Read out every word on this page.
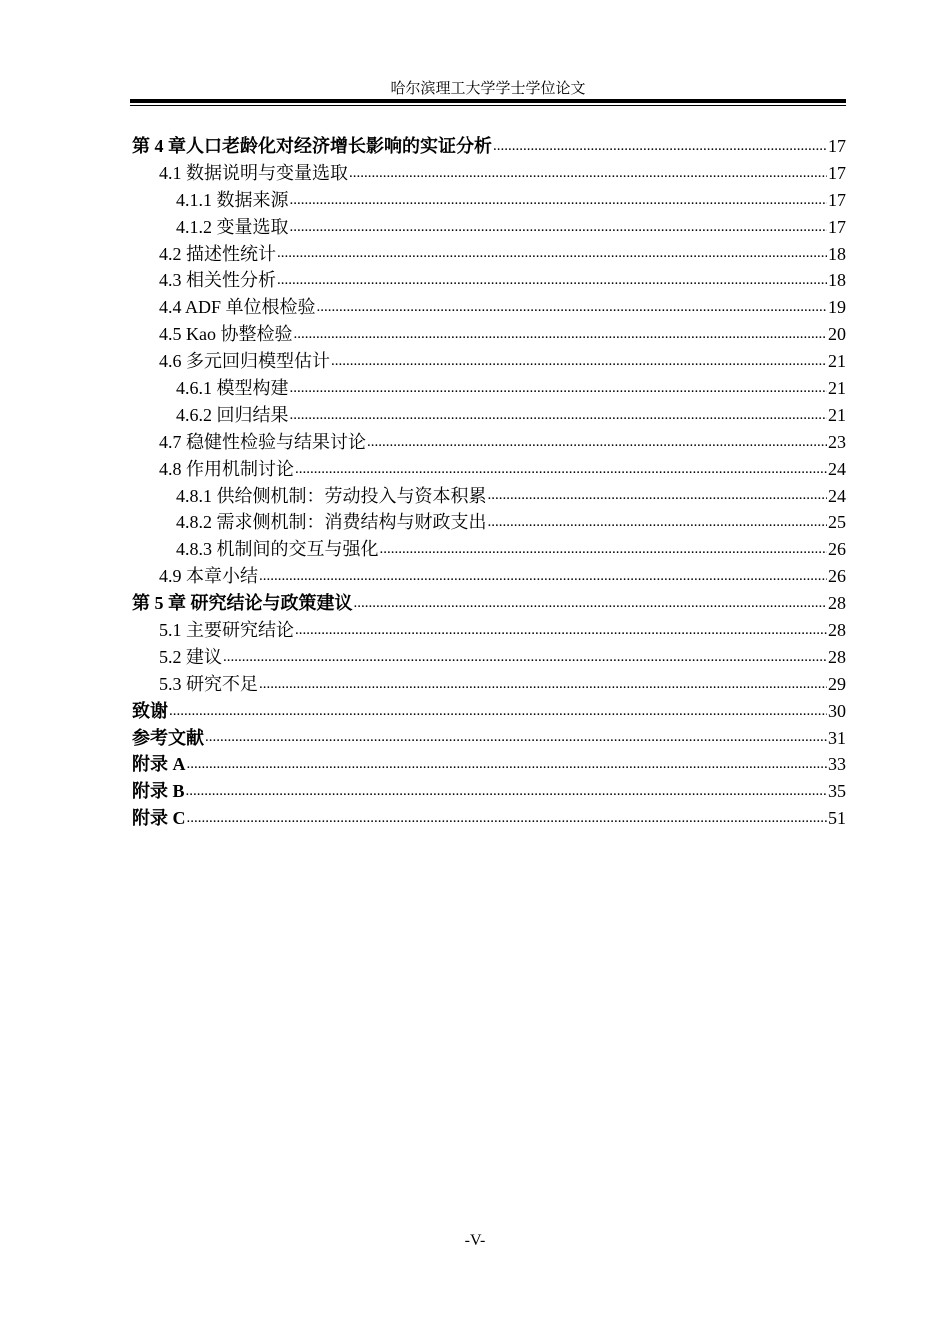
哈尔滨理工大学学士学位论文
第 4 章人口老龄化对经济增长影响的实证分析 .....	17
4.1 数据说明与变量选取 .....	17
4.1.1 数据来源 .....	17
4.1.2 变量选取 .....	17
4.2 描述性统计 .....	18
4.3 相关性分析 .....	18
4.4 ADF 单位根检验 .....	19
4.5 Kao 协整检验 .....	20
4.6 多元回归模型估计 .....	21
4.6.1 模型构建 .....	21
4.6.2 回归结果 .....	21
4.7 稳健性检验与结果讨论 .....	23
4.8 作用机制讨论 .....	24
4.8.1 供给侧机制：劳动投入与资本积累 .....	24
4.8.2 需求侧机制：消费结构与财政支出 .....	25
4.8.3 机制间的交互与强化 .....	26
4.9 本章小结 .....	26
第 5 章 研究结论与政策建议 .....	28
5.1 主要研究结论 .....	28
5.2 建议 .....	28
5.3 研究不足 .....	29
致谢 .....	30
参考文献 .....	31
附录 A .....	33
附录 B .....	35
附录 C .....	51
-V-
